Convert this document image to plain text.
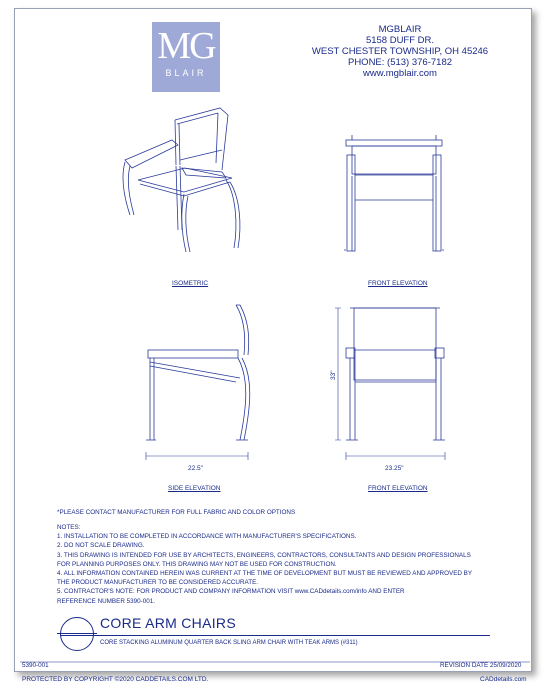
MG
BLAIR
MGBLAIR
5158 DUFF DR.
WEST CHESTER TOWNSHIP, OH 45246
PHONE: (513) 376-7182
www.mgblair.com
ISOMETRIC	FRONT ELEVATION
SIDE ELEVATION	FRONT ELEVATION
33"
22.5"	23.25"
*PLEASE CONTACT MANUFACTURER FOR FULL FABRIC AND COLOR OPTIONS
NOTES:
1. INSTALLATION TO BE COMPLETED IN ACCORDANCE WITH MANUFACTURER'S SPECIFICATIONS.
2. DO NOT SCALE DRAWING.
3. THIS DRAWING IS INTENDED FOR USE BY ARCHITECTS, ENGINEERS, CONTRACTORS, CONSULTANTS AND DESIGN PROFESSIONALS
FOR PLANNING PURPOSES ONLY. THIS DRAWING MAY NOT BE USED FOR CONSTRUCTION.
4. ALL INFORMATION CONTAINED HEREIN WAS CURRENT AT THE TIME OF DEVELOPMENT BUT MUST BE REVIEWED AND APPROVED BY
THE PRODUCT MANUFACTURER TO BE CONSIDERED ACCURATE.
5. CONTRACTOR'S NOTE: FOR PRODUCT AND COMPANY INFORMATION VISIT www.CADdetails.com/info AND ENTER
REFERENCE NUMBER 5390-001.
CORE ARM CHAIRS
CORE STACKING ALUMINUM QUARTER BACK SLING ARM CHAIR WITH TEAK ARMS (#311)
5390-001	REVISION DATE 25/09/2020
PROTECTED BY COPYRIGHT ©2020 CADDETAILS.COM LTD.	CADdetails.com
